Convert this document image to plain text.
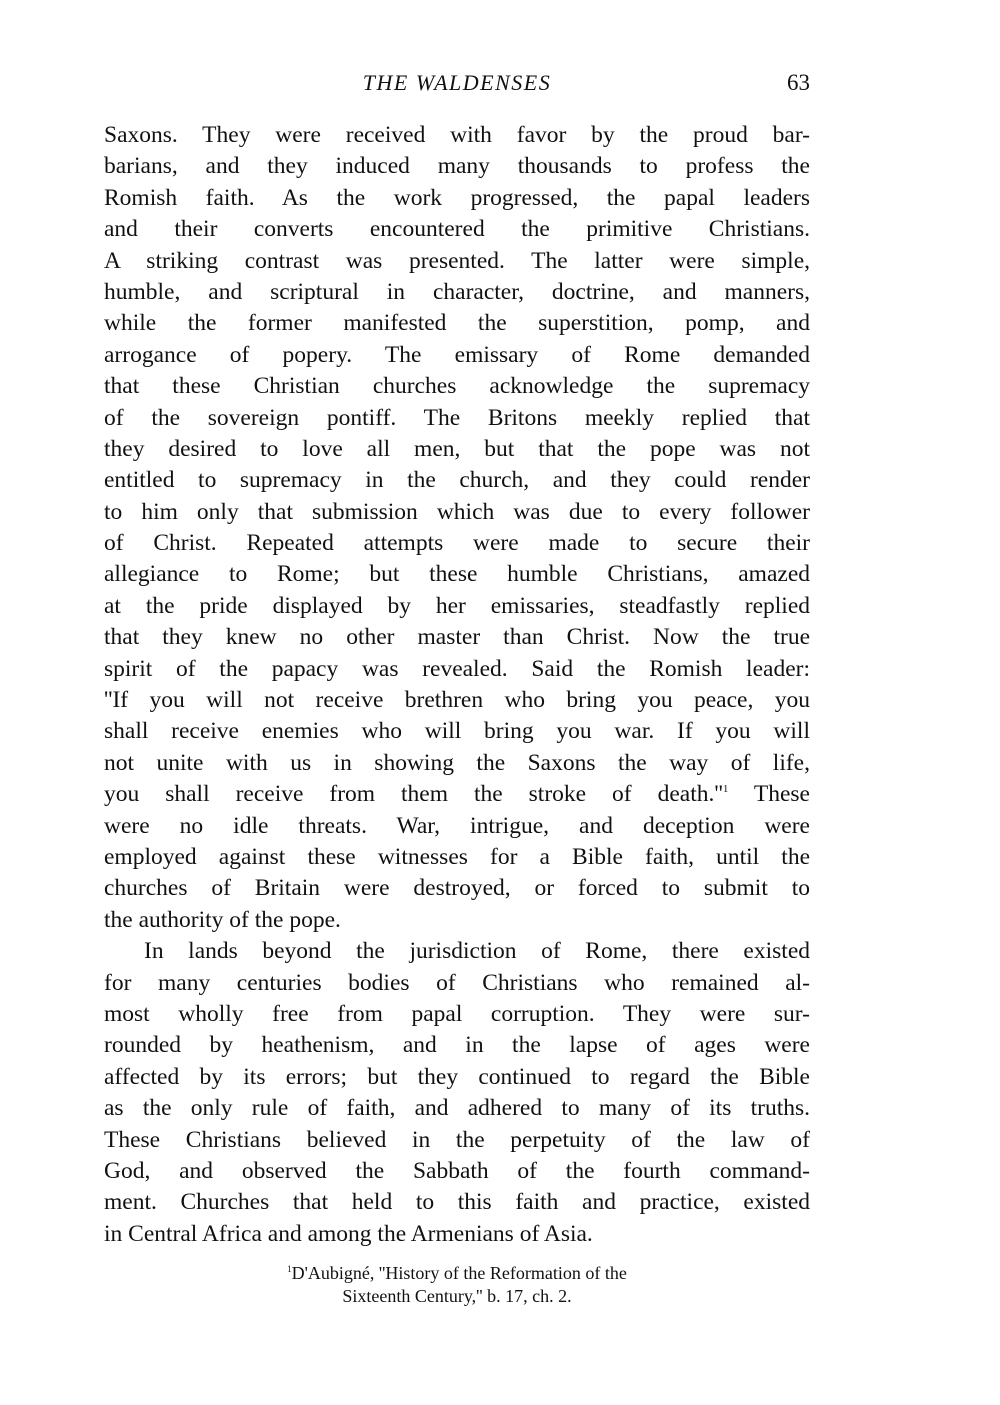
THE WALDENSES	63
Saxons. They were received with favor by the proud bar-
barians, and they induced many thousands to profess the
Romish faith. As the work progressed, the papal leaders
and their converts encountered the primitive Christians.
A striking contrast was presented. The latter were simple,
humble, and scriptural in character, doctrine, and manners,
while the former manifested the superstition, pomp, and
arrogance of popery. The emissary of Rome demanded
that these Christian churches acknowledge the supremacy
of the sovereign pontiff. The Britons meekly replied that
they desired to love all men, but that the pope was not
entitled to supremacy in the church, and they could render
to him only that submission which was due to every follower
of Christ. Repeated attempts were made to secure their
allegiance to Rome; but these humble Christians, amazed
at the pride displayed by her emissaries, steadfastly replied
that they knew no other master than Christ. Now the true
spirit of the papacy was revealed. Said the Romish leader:
''If you will not receive brethren who bring you peace, you
shall receive enemies who will bring you war. If you will
not unite with us in showing the Saxons the way of life,
you shall receive from them the stroke of death.''$^1$ These
were no idle threats. War, intrigue, and deception were
employed against these witnesses for a Bible faith, until the
churches of Britain were destroyed, or forced to submit to
the authority of the pope.
In lands beyond the jurisdiction of Rome, there existed
for many centuries bodies of Christians who remained al-
most wholly free from papal corruption. They were sur-
rounded by heathenism, and in the lapse of ages were
affected by its errors; but they continued to regard the Bible
as the only rule of faith, and adhered to many of its truths.
These Christians believed in the perpetuity of the law of
God, and observed the Sabbath of the fourth command-
ment. Churches that held to this faith and practice, existed
in Central Africa and among the Armenians of Asia.
$^1$D'Aubigné, ''History of the Reformation of the
Sixteenth Century,'' b. 17, ch. 2.
